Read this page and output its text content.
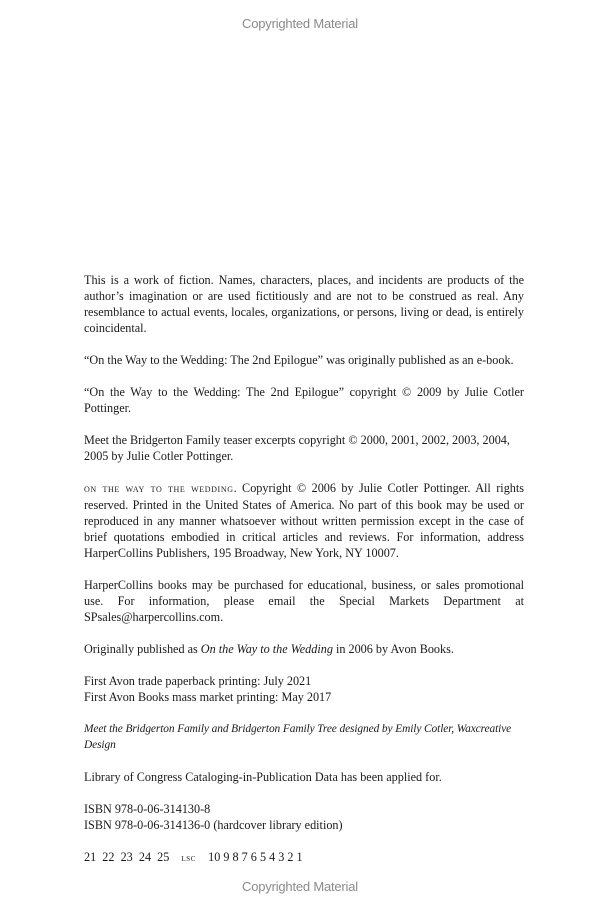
Copyrighted Material

This is a work of fiction. Names, characters, places, and incidents are products of the author’s imagination or are used fictitiously and are not to be construed as real. Any resemblance to actual events, locales, organizations, or persons, living or dead, is entirely coincidental.

“On the Way to the Wedding: The 2nd Epilogue” was originally published as an e-book.

“On the Way to the Wedding: The 2nd Epilogue” copyright © 2009 by Julie Cotler Pottinger.

Meet the Bridgerton Family teaser excerpts copyright © 2000, 2001, 2002, 2003, 2004, 2005 by Julie Cotler Pottinger.

on the way to the wedding. Copyright © 2006 by Julie Cotler Pottinger. All rights reserved. Printed in the United States of America. No part of this book may be used or reproduced in any manner whatsoever without written permission except in the case of brief quotations embodied in critical articles and reviews. For information, address HarperCollins Publishers, 195 Broadway, New York, NY 10007.

HarperCollins books may be purchased for educational, business, or sales promotional use. For information, please email the Special Markets Department at SPsales@harpercollins.com.

Originally published as On the Way to the Wedding in 2006 by Avon Books.

First Avon trade paperback printing: July 2021
First Avon Books mass market printing: May 2017

Meet the Bridgerton Family and Bridgerton Family Tree designed by Emily Cotler, Waxcreative Design

Library of Congress Cataloging-in-Publication Data has been applied for.

ISBN 978-0-06-314130-8
ISBN 978-0-06-314136-0 (hardcover library edition)

21  22  23  24  25 lsc 10 9 8 7 6 5 4 3 2 1

Copyrighted Material
